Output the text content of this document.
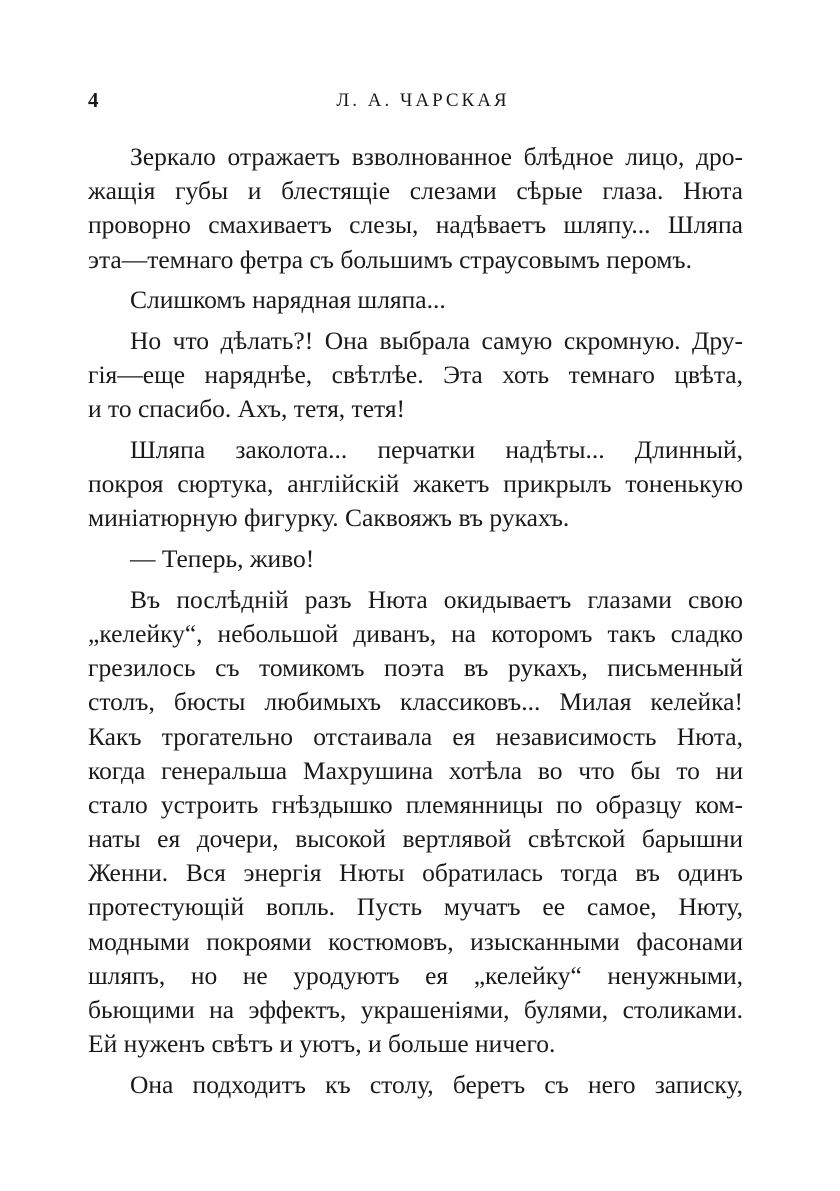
4	Л. А. ЧАРСКАЯ
Зеркало отражаетъ взволнованное блѣдное лицо, дро-
жащія губы и блестящіе слезами сѣрые глаза. Нюта
проворно смахиваетъ слезы, надѣваетъ шляпу... Шляпа
эта—темнаго фетра съ большимъ страусовымъ перомъ.
Слишкомъ нарядная шляпа...
Но что дѣлать?! Она выбрала самую скромную. Дру-
гія—еще наряднѣе, свѣтлѣе. Эта хоть темнаго цвѣта,
и то спасибо. Ахъ, тетя, тетя!
Шляпа заколота... перчатки надѣты... Длинный,
покроя сюртука, англійскій жакетъ прикрылъ тоненькую
миніатюрную фигурку. Саквояжъ въ рукахъ.
— Теперь, живо!
Въ послѣдній разъ Нюта окидываетъ глазами свою
„келейку“, небольшой диванъ, на которомъ такъ сладко
грезилось съ томикомъ поэта въ рукахъ, письменный
столъ, бюсты любимыхъ классиковъ... Милая келейка!
Какъ трогательно отстаивала ея независимость Нюта,
когда генеральша Махрушина хотѣла во что бы то ни
стало устроить гнѣздышко племянницы по образцу ком-
наты ея дочери, высокой вертлявой свѣтской барышни
Женни. Вся энергія Нюты обратилась тогда въ одинъ
протестующій вопль. Пусть мучатъ ее самое, Нюту,
модными покроями костюмовъ, изысканными фасонами
шляпъ, но не уродуютъ ея „келейку“ ненужными,
бьющими на эффектъ, украшеніями, булями, столиками.
Ей нуженъ свѣтъ и уютъ, и больше ничего.
Она подходитъ къ столу, беретъ съ него записку,
